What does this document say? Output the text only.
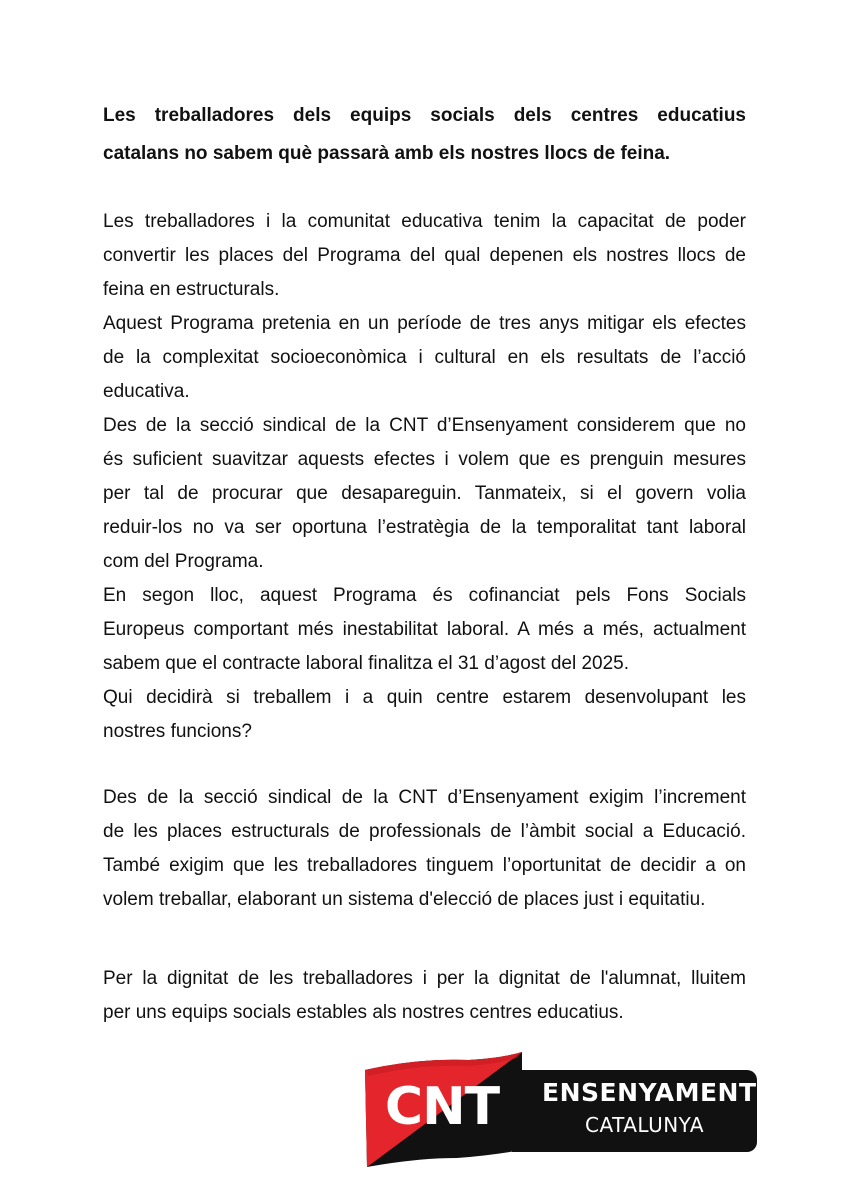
Les treballadores dels equips socials dels centres educatius
catalans no sabem què passarà amb els nostres llocs de feina.
Les treballadores i la comunitat educativa tenim la capacitat de poder
convertir les places del Programa del qual depenen els nostres llocs de
feina en estructurals.
Aquest Programa pretenia en un període de tres anys mitigar els efectes
de la complexitat socioeconòmica i cultural en els resultats de l’acció
educativa.
Des de la secció sindical de la CNT d’Ensenyament considerem que no
és suficient suavitzar aquests efectes i volem que es prenguin mesures
per tal de procurar que desapareguin. Tanmateix, si el govern volia
reduir-los no va ser oportuna l’estratègia de la temporalitat tant laboral
com del Programa.
En segon lloc, aquest Programa és cofinanciat pels Fons Socials
Europeus comportant més inestabilitat laboral. A més a més, actualment
sabem que el contracte laboral finalitza el 31 d’agost del 2025.
Qui decidirà si treballem i a quin centre estarem desenvolupant les
nostres funcions?
Des de la secció sindical de la CNT d’Ensenyament exigim l’increment
de les places estructurals de professionals de l’àmbit social a Educació.
També exigim que les treballadores tinguem l’oportunitat de decidir a on
volem treballar, elaborant un sistema d'elecció de places just i equitatiu.
Per la dignitat de les treballadores i per la dignitat de l'alumnat, lluitem
per uns equips socials estables als nostres centres educatius.
ENSENYAMENT
CATALUNYA
CNT
